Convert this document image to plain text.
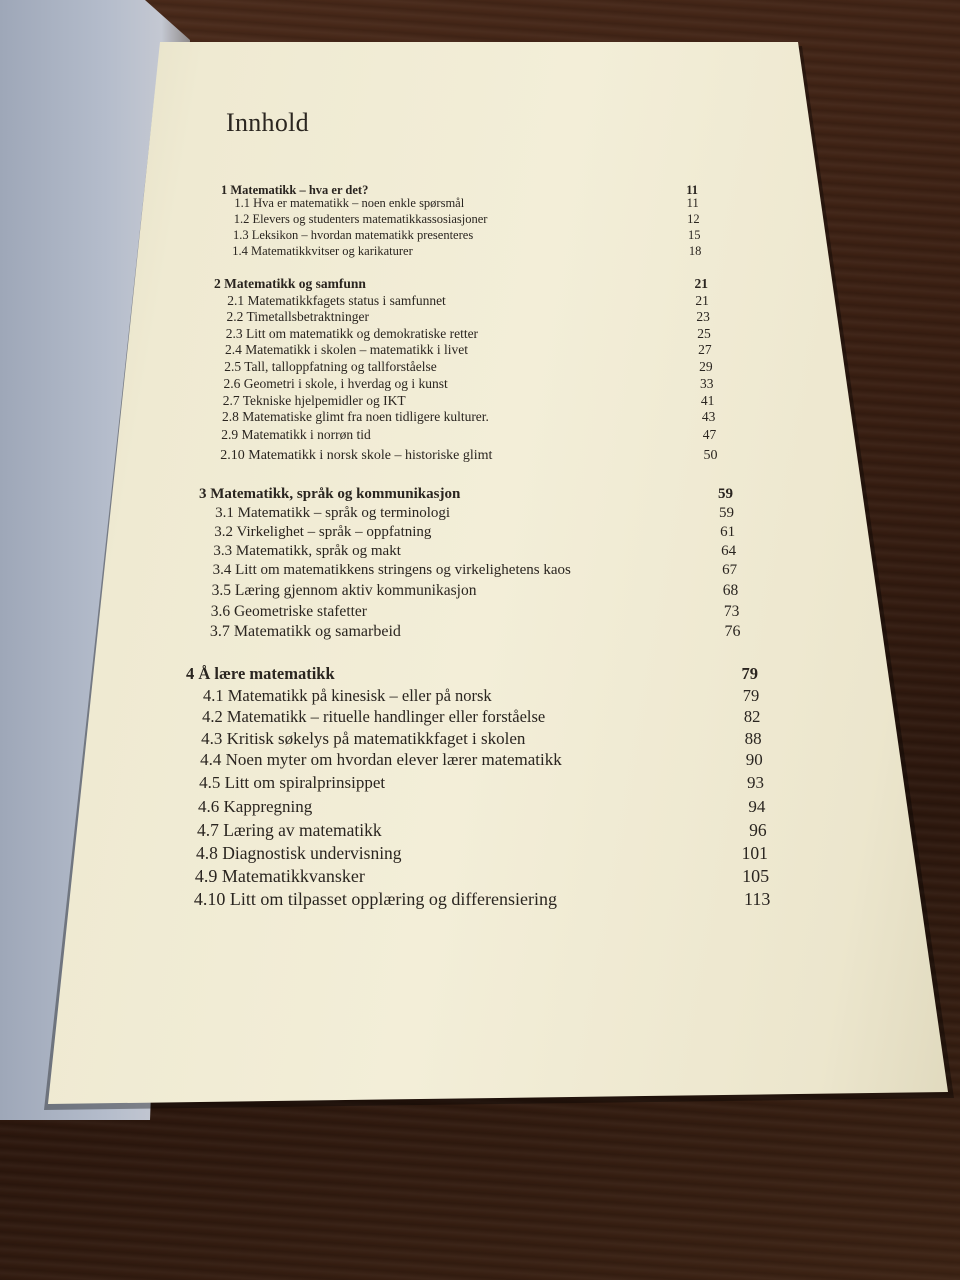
Innhold
1 Matematikk – hva er det?	11
1.1 Hva er matematikk – noen enkle spørsmål	11
1.2 Elevers og studenters matematikkassosiasjoner	12
1.3 Leksikon – hvordan matematikk presenteres	15
1.4 Matematikkvitser og karikaturer	18
2 Matematikk og samfunn	21
2.1 Matematikkfagets status i samfunnet	21
2.2 Timetallsbetraktninger	23
2.3 Litt om matematikk og demokratiske retter	25
2.4 Matematikk i skolen – matematikk i livet	27
2.5 Tall, talloppfatning og tallforståelse	29
2.6 Geometri i skole, i hverdag og i kunst	33
2.7 Tekniske hjelpemidler og IKT	41
2.8 Matematiske glimt fra noen tidligere kulturer.	43
2.9 Matematikk i norrøn tid	47
2.10 Matematikk i norsk skole – historiske glimt	50
3 Matematikk, språk og kommunikasjon	59
3.1 Matematikk – språk og terminologi	59
3.2 Virkelighet – språk – oppfatning	61
3.3 Matematikk, språk og makt	64
3.4 Litt om matematikkens stringens og virkelighetens kaos	67
3.5 Læring gjennom aktiv kommunikasjon	68
3.6 Geometriske stafetter	73
3.7 Matematikk og samarbeid	76
4 Å lære matematikk	79
4.1 Matematikk på kinesisk – eller på norsk	79
4.2 Matematikk – rituelle handlinger eller forståelse	82
4.3 Kritisk søkelys på matematikkfaget i skolen	88
4.4 Noen myter om hvordan elever lærer matematikk	90
4.5 Litt om spiralprinsippet	93
4.6 Kappregning	94
4.7 Læring av matematikk	96
4.8 Diagnostisk undervisning	101
4.9 Matematikkvansker	105
4.10 Litt om tilpasset opplæring og differensiering	113
